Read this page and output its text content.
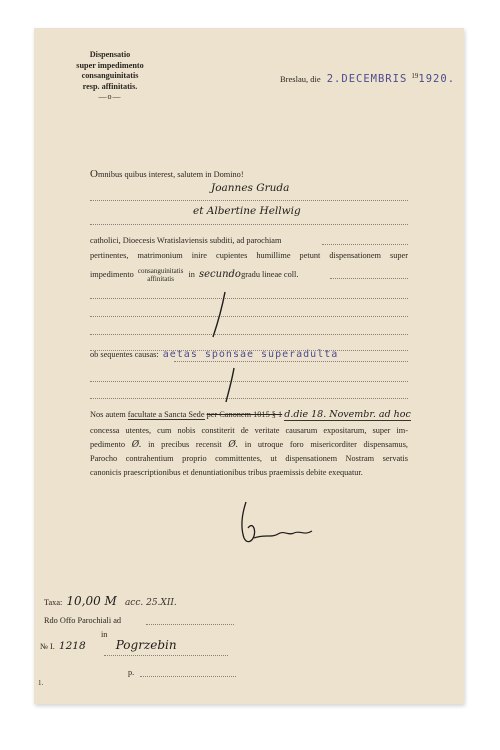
Dispensatio
super impedimento
consanguinitatis
resp. affinitatis.
—o—
Breslau, die 2.DECEMBRIS $^{19}$1920.
Omnibus quibus interest, salutem in Domino!
Joannes Gruda
et Albertine Hellwig
catholici, Dioecesis Wratislaviensis subditi, ad parochiam
pertinentes, matrimonium inire cupientes humillime petunt dispensationem super
impedimento consanguinitatis
affinitatis
in secundo gradu lineae coll.
ob sequentes causas: aetas sponsae superadulta
Nos autem facultate a Sancta Sede per Canonem 1015 § 1 d.die 18. Novembr. ad hoc
concessa utentes, cum nobis constiterit de veritate causarum expositarum, super im-
pedimento Ø. in precibus recensit Ø. in utroque foro misericorditer dispensamus,
Parocho contrahentium proprio committentes, ut dispensationem Nostram servatis
canonicis praescriptionibus et denuntiationibus tribus praemissis debite exequatur.
Taxa: 10,00 M acc. 25.XII.
Rdo Offo Parochiali ad
in
№ I. 1218	Pogrzebin
p.
1.
